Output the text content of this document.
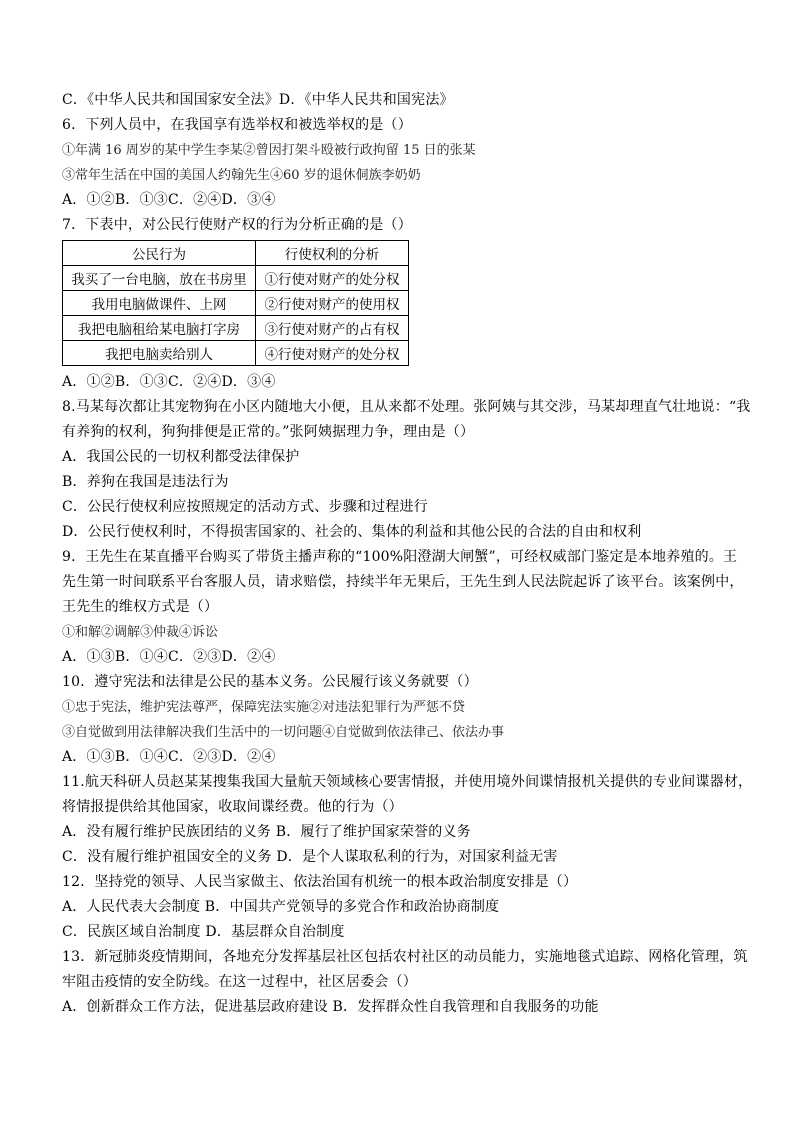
C．《中华人民共和国国家安全法》D．《中华人民共和国宪法》
6．下列人员中，在我国享有选举权和被选举权的是（）
①年满 16 周岁的某中学生李某②曾因打架斗殴被行政拘留 15 日的张某
③常年生活在中国的美国人约翰先生④60 岁的退休侗族李奶奶
A．①②B．①③C．②④D．③④
7．下表中，对公民行使财产权的行为分析正确的是（）
公民行为	行使权利的分析
我买了一台电脑，放在书房里	①行使对财产的处分权
我用电脑做课件、上网	②行使对财产的使用权
我把电脑租给某电脑打字房	③行使对财产的占有权
我把电脑卖给别人	④行使对财产的处分权
A．①②B．①③C．②④D．③④
8.马某每次都让其宠物狗在小区内随地大小便，且从来都不处理。张阿姨与其交涉，马某却理直气壮地说：“我
有养狗的权利，狗狗排便是正常的。”张阿姨据理力争，理由是（）
A．我国公民的一切权利都受法律保护
B．养狗在我国是违法行为
C．公民行使权利应按照规定的活动方式、步骤和过程进行
D．公民行使权利时，不得损害国家的、社会的、集体的利益和其他公民的合法的自由和权利
9．王先生在某直播平台购买了带货主播声称的“100%阳澄湖大闸蟹”，可经权威部门鉴定是本地养殖的。王
先生第一时间联系平台客服人员，请求赔偿，持续半年无果后，王先生到人民法院起诉了该平台。该案例中，
王先生的维权方式是（）
①和解②调解③仲裁④诉讼
A．①③B．①④C．②③D．②④
10．遵守宪法和法律是公民的基本义务。公民履行该义务就要（）
①忠于宪法，维护宪法尊严，保障宪法实施②对违法犯罪行为严惩不贷
③自觉做到用法律解决我们生活中的一切问题④自觉做到依法律己、依法办事
A．①③B．①④C．②③D．②④
11.航天科研人员赵某某搜集我国大量航天领域核心要害情报，并使用境外间谍情报机关提供的专业间谍器材，
将情报提供给其他国家，收取间谍经费。他的行为（）
A．没有履行维护民族团结的义务 B．履行了维护国家荣誉的义务
C．没有履行维护祖国安全的义务 D．是个人谋取私利的行为，对国家利益无害
12．坚持党的领导、人民当家做主、依法治国有机统一的根本政治制度安排是（）
A．人民代表大会制度 B．中国共产党领导的多党合作和政治协商制度
C．民族区域自治制度 D．基层群众自治制度
13．新冠肺炎疫情期间，各地充分发挥基层社区包括农村社区的动员能力，实施地毯式追踪、网格化管理，筑
牢阻击疫情的安全防线。在这一过程中，社区居委会（）
A．创新群众工作方法，促进基层政府建设 B．发挥群众性自我管理和自我服务的功能
